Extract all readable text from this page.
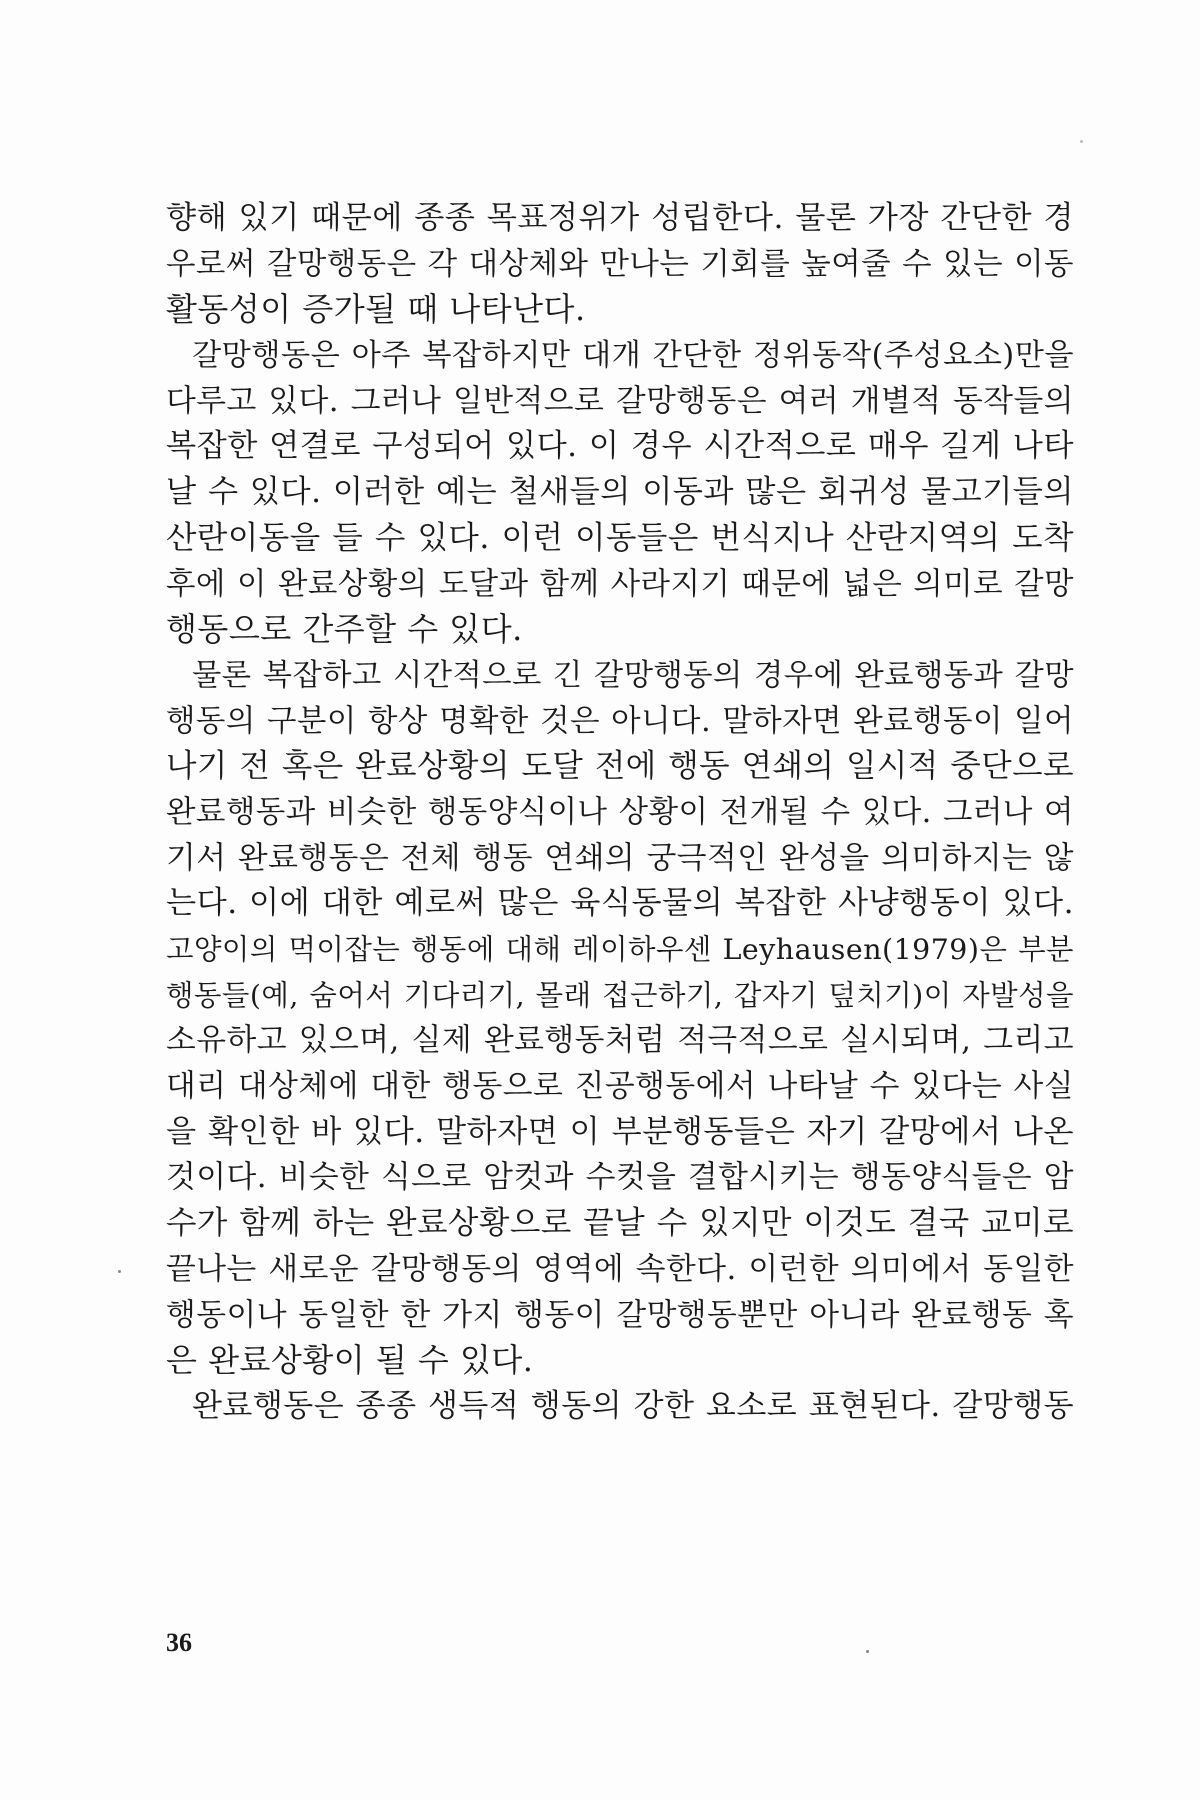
향해 있기 때문에 종종 목표정위가 성립한다. 물론 가장 간단한 경
우로써 갈망행동은 각 대상체와 만나는 기회를 높여줄 수 있는 이동
활동성이 증가될 때 나타난다.

갈망행동은 아주 복잡하지만 대개 간단한 정위동작(주성요소)만을
다루고 있다. 그러나 일반적으로 갈망행동은 여러 개별적 동작들의
복잡한 연결로 구성되어 있다. 이 경우 시간적으로 매우 길게 나타
날 수 있다. 이러한 예는 철새들의 이동과 많은 회귀성 물고기들의
산란이동을 들 수 있다. 이런 이동들은 번식지나 산란지역의 도착
후에 이 완료상황의 도달과 함께 사라지기 때문에 넓은 의미로 갈망
행동으로 간주할 수 있다.

물론 복잡하고 시간적으로 긴 갈망행동의 경우에 완료행동과 갈망
행동의 구분이 항상 명확한 것은 아니다. 말하자면 완료행동이 일어
나기 전 혹은 완료상황의 도달 전에 행동 연쇄의 일시적 중단으로
완료행동과 비슷한 행동양식이나 상황이 전개될 수 있다. 그러나 여
기서 완료행동은 전체 행동 연쇄의 궁극적인 완성을 의미하지는 않
는다. 이에 대한 예로써 많은 육식동물의 복잡한 사냥행동이 있다.
고양이의 먹이잡는 행동에 대해 레이하우센 Leyhausen(1979)은 부분
행동들(예, 숨어서 기다리기, 몰래 접근하기, 갑자기 덮치기)이 자발성을
소유하고 있으며, 실제 완료행동처럼 적극적으로 실시되며, 그리고
대리 대상체에 대한 행동으로 진공행동에서 나타날 수 있다는 사실
을 확인한 바 있다. 말하자면 이 부분행동들은 자기 갈망에서 나온
것이다. 비슷한 식으로 암컷과 수컷을 결합시키는 행동양식들은 암
수가 함께 하는 완료상황으로 끝날 수 있지만 이것도 결국 교미로
끝나는 새로운 갈망행동의 영역에 속한다. 이런한 의미에서 동일한
행동이나 동일한 한 가지 행동이 갈망행동뿐만 아니라 완료행동 혹
은 완료상황이 될 수 있다.

완료행동은 종종 생득적 행동의 강한 요소로 표현된다. 갈망행동

36
